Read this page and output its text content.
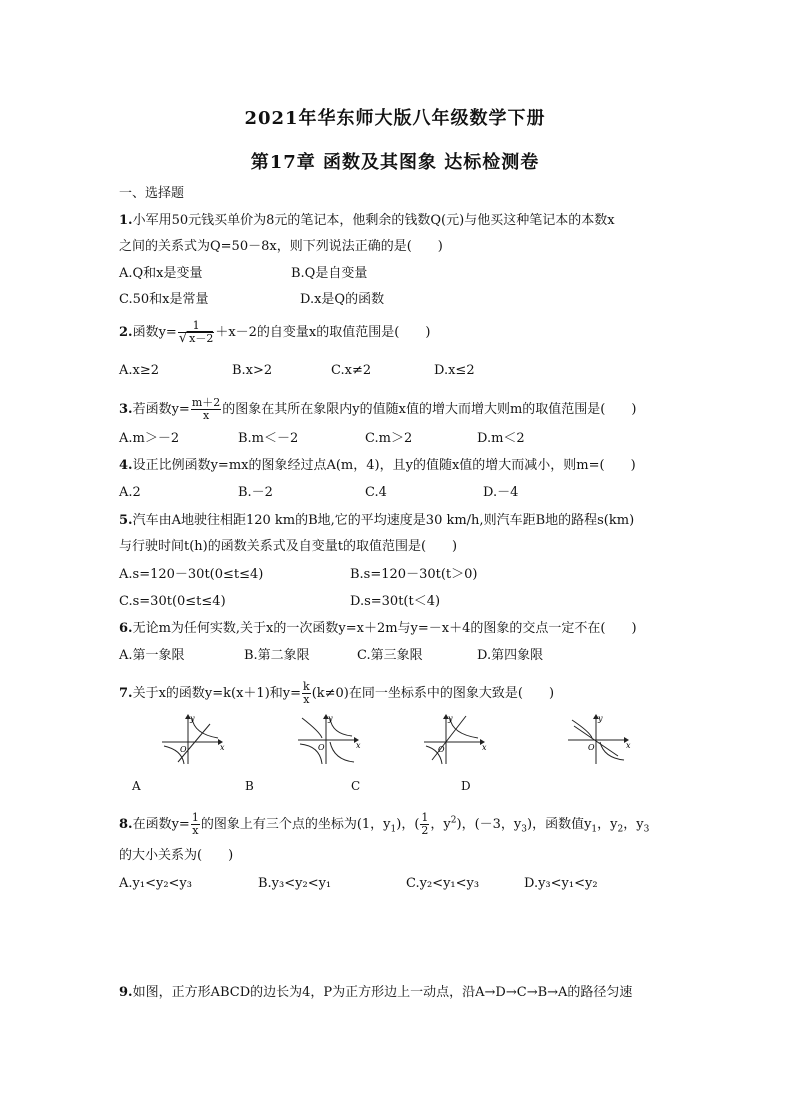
2021年华东师大版八年级数学下册
第17章 函数及其图象 达标检测卷
一、选择题
1.小军用50元钱买单价为8元的笔记本，他剩余的钱数Q(元)与他买这种笔记本的本数x
之间的关系式为Q=50－8x，则下列说法正确的是(　　)
A.Q和x是变量	B.Q是自变量
C.50和x是常量	D.x是Q的函数
2.函数$y= \frac{1}{√ x-2} +x-2$的自变量x的取值范围是(　　)
A.x≥2	B.x>2	C.x≠2	D.x≤2
3.若函数$y= \frac{m+2}{x}$ 的图象在其所在象限内y的值随x值的增大而增大则m的取值范围是(　　)
A.m＞－2	B.m＜－2	C.m＞2	D.m＜2
4.设正比例函数y=mx的图象经过点A(m，4)，且y的值随x值的增大而减小，则m=(　　)
A.2	B.－2	C.4	D.－4
5.汽车由A地驶往相距120 km的B地,它的平均速度是30 km/h,则汽车距B地的路程s(km)
与行驶时间t(h)的函数关系式及自变量t的取值范围是(　　)
A.s=120－30t(0≤t≤4)	B.s=120－30t(t＞0)
C.s=30t(0≤t≤4)	D.s=30t(t＜4)
6.无论m为任何实数,关于x的一次函数y=x＋2m与y=－x＋4的图象的交点一定不在(　　)
A.第一象限	B.第二象限	C.第三象限	D.第四象限
7.关于x的函数y=k(x＋1)和$y= \frac{k}{x} (k\ne 0)$在同一坐标系中的图象大致是(　　)
y
x
O
y
x
O
y
x
O
y
x
O
A	B	C	D
8.在函数$y= \frac{1}{x}$ 的图象上有三个点的坐标为(1，$y_1$)，( $\frac{1}{2}$ ，$y^2$)，(－3，$y_3$)，函数值$y_1$，$y_2$，$y_3$
的大小关系为(　　)
A.y₁<y₂<y₃	B.y₃<y₂<y₁	C.y₂<y₁<y₃	D.y₃<y₁<y₂
9.如图，正方形ABCD的边长为4，P为正方形边上一动点，沿A→D→C→B→A的路径匀速
